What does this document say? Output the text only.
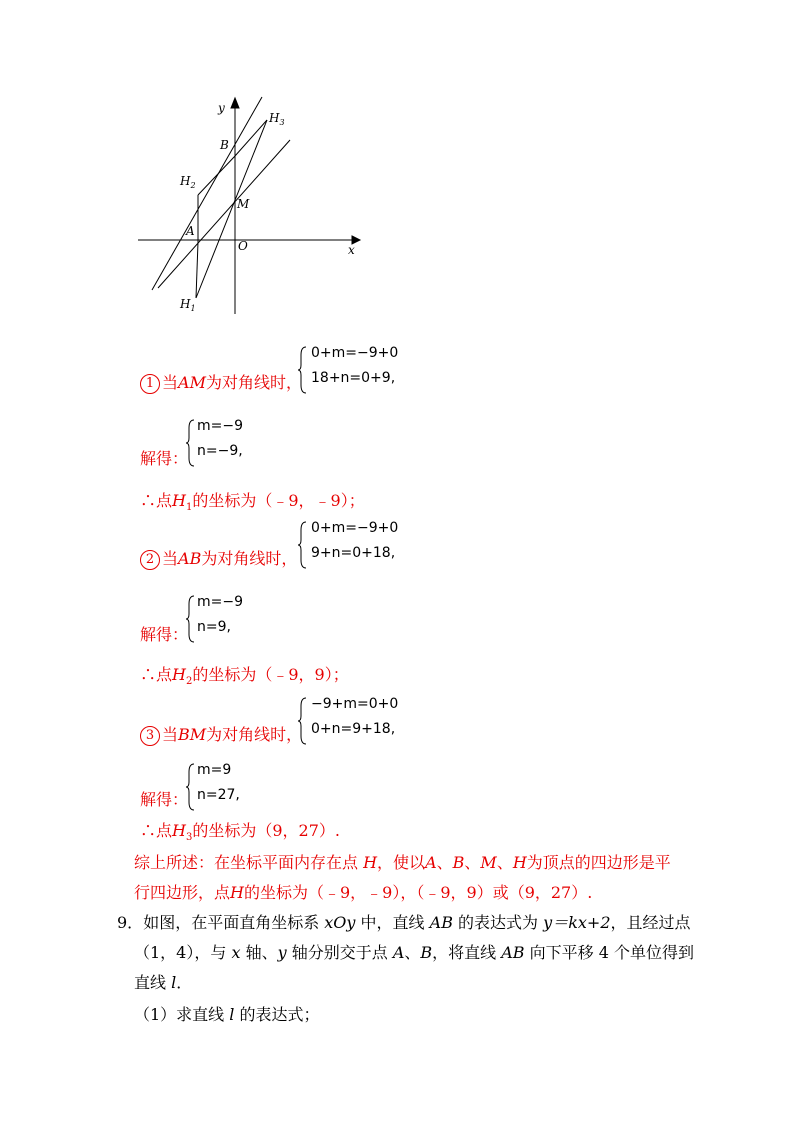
y
x
$H_3$
B
$H_2$
M
A
O
$H_1$
1 当AM为对角线时，
0+m=−9+0
18+n=0+9,
解得：
m=−9
n=−9,
∴点$H_1$的坐标为（﹣9，﹣9）；
2 当AB为对角线时，
0+m=−9+0
9+n=0+18,
解得：
m=−9
n=9,
∴点$H_2$的坐标为（﹣9，9）；
3 当BM为对角线时，
−9+m=0+0
0+n=9+18,
解得：
m=9
n=27,
∴点$H_3$的坐标为（9，27）.
综上所述：在坐标平面内存在点 H，使以A、B、M、H为顶点的四边形是平
行四边形，点H的坐标为（﹣9，﹣9），（﹣9，9）或（9，27）.
9．如图，在平面直角坐标系 xOy 中，直线 AB 的表达式为 y＝kx+2，且经过点
（1，4），与 x 轴、y 轴分别交于点 A、B，将直线 AB 向下平移 4 个单位得到
直线 l．
（1）求直线 l 的表达式；
